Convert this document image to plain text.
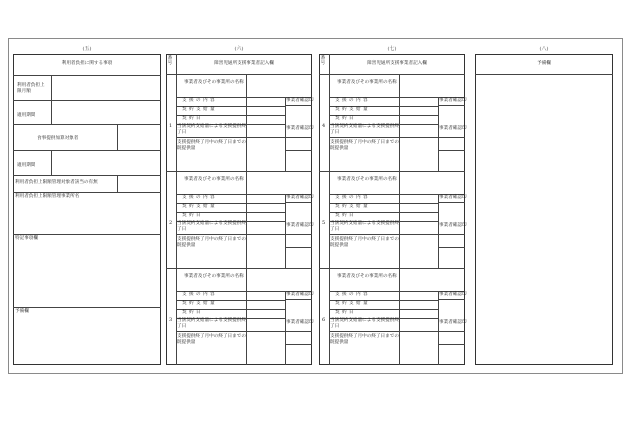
(五)
利用者負担に関する事項
利用者負担上限月額
適用期間
食事提供加算対象者
適用期間
利用者負担上限額管理対象者該当の有無
利用者負担上限額管理事業所名
特記事項欄
予備欄
(六)
番号	障害児通所支援事業者記入欄
1
事業者及びその事業所の名称
支援の内容
契約支給量
契約日
当該契約支給量による支援提供終了日
支援提供終了月中の終了日までの既提供量
事業者確認印
事業者確認印
2
事業者及びその事業所の名称
支援の内容
契約支給量
契約日
当該契約支給量による支援提供終了日
支援提供終了月中の終了日までの既提供量
事業者確認印
事業者確認印
3
事業者及びその事業所の名称
支援の内容
契約支給量
契約日
当該契約支給量による支援提供終了日
支援提供終了月中の終了日までの既提供量
事業者確認印
事業者確認印
(七)
番号	障害児通所支援事業者記入欄
4
事業者及びその事業所の名称
支援の内容
契約支給量
契約日
当該契約支給量による支援提供終了日
支援提供終了月中の終了日までの既提供量
事業者確認印
事業者確認印
5
事業者及びその事業所の名称
支援の内容
契約支給量
契約日
当該契約支給量による支援提供終了日
支援提供終了月中の終了日までの既提供量
事業者確認印
事業者確認印
6
事業者及びその事業所の名称
支援の内容
契約支給量
契約日
当該契約支給量による支援提供終了日
支援提供終了月中の終了日までの既提供量
事業者確認印
事業者確認印
(八)
予備欄
